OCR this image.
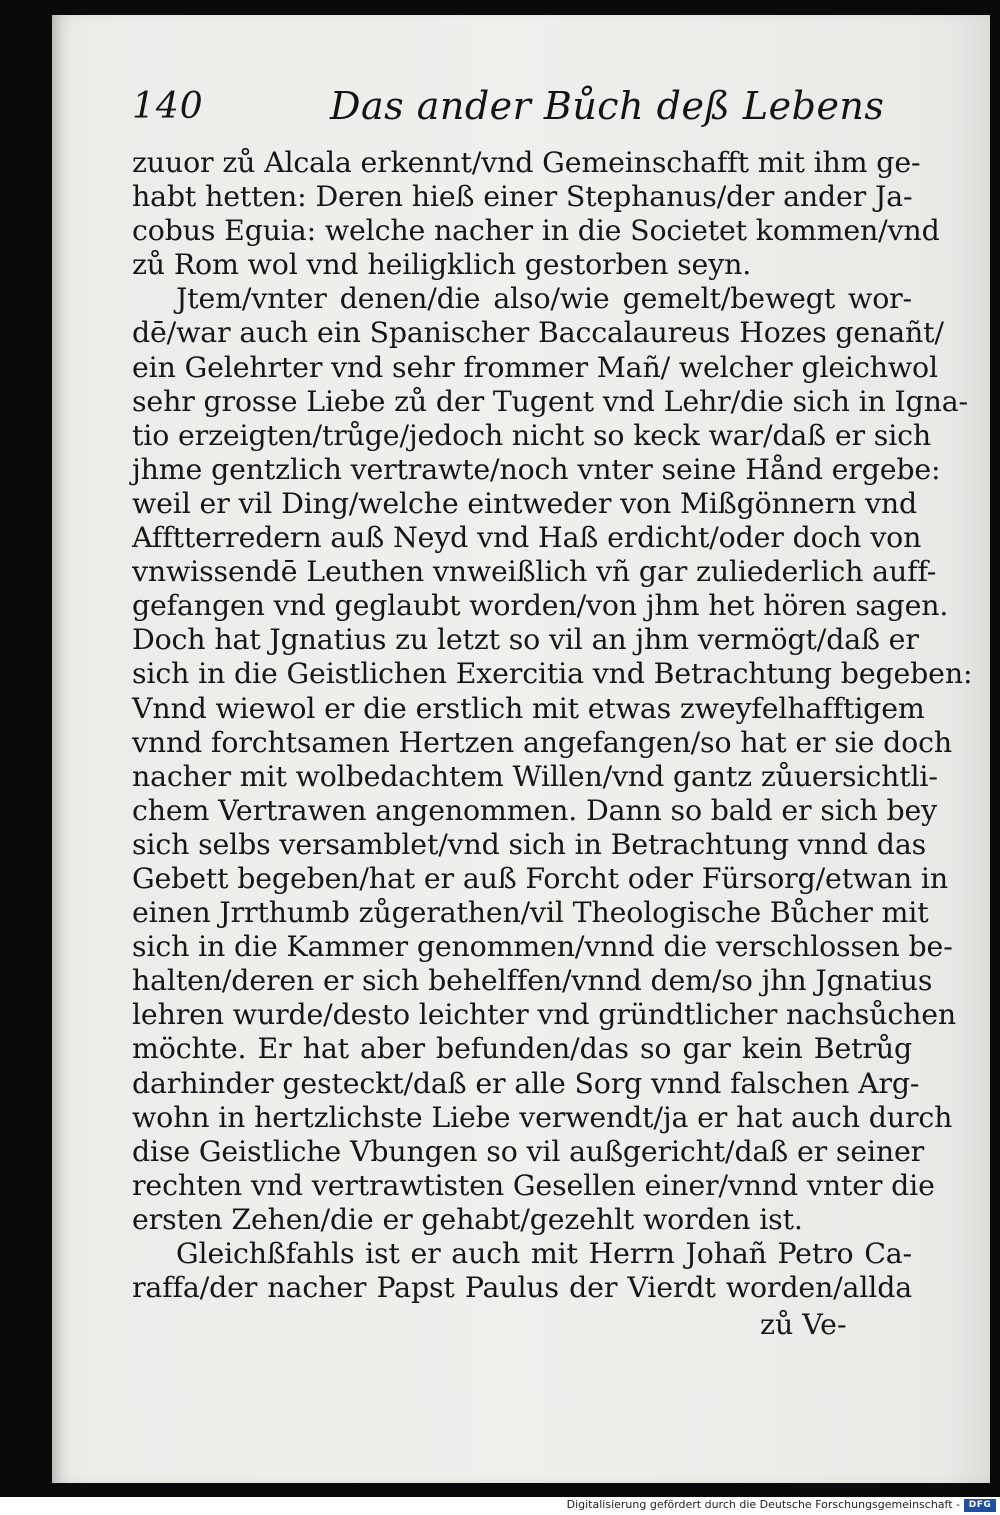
140	Das ander Bůch deß Lebens
zuuor zů Alcala erkennt/vnd Gemeinschafft mit ihm ge-
habt hetten: Deren hieß einer Stephanus/der ander Ja-
cobus Eguia: welche nacher in die Societet kommen/vnd
zů Rom wol vnd heiligklich gestorben seyn.
Jtem/vnter denen/die also/wie gemelt/bewegt wor-
dē/war auch ein Spanischer Baccalaureus Hozes genañt/
ein Gelehrter vnd sehr frommer Mañ/ welcher gleichwol
sehr grosse Liebe zů der Tugent vnd Lehr/die sich in Igna-
tio erzeigten/trůge/jedoch nicht so keck war/daß er sich
jhme gentzlich vertrawte/noch vnter seine Hånd ergebe:
weil er vil Ding/welche eintweder von Mißgönnern vnd
Afftterredern auß Neyd vnd Haß erdicht/oder doch von
vnwissendē Leuthen vnweißlich vñ gar zuliederlich auff-
gefangen vnd geglaubt worden/von jhm het hören sagen.
Doch hat Jgnatius zu letzt so vil an jhm vermögt/daß er
sich in die Geistlichen Exercitia vnd Betrachtung begeben:
Vnnd wiewol er die erstlich mit etwas zweyfelhafftigem
vnnd forchtsamen Hertzen angefangen/so hat er sie doch
nacher mit wolbedachtem Willen/vnd gantz zůuersichtli-
chem Vertrawen angenommen. Dann so bald er sich bey
sich selbs versamblet/vnd sich in Betrachtung vnnd das
Gebett begeben/hat er auß Forcht oder Fürsorg/etwan in
einen Jrrthumb zůgerathen/vil Theologische Bůcher mit
sich in die Kammer genommen/vnnd die verschlossen be-
halten/deren er sich behelffen/vnnd dem/so jhn Jgnatius
lehren wurde/desto leichter vnd gründtlicher nachsůchen
möchte. Er hat aber befunden/das so gar kein Betrůg
darhinder gesteckt/daß er alle Sorg vnnd falschen Arg-
wohn in hertzlichste Liebe verwendt/ja er hat auch durch
dise Geistliche Vbungen so vil außgericht/daß er seiner
rechten vnd vertrawtisten Gesellen einer/vnnd vnter die
ersten Zehen/die er gehabt/gezehlt worden ist.
Gleichßfahls ist er auch mit Herrn Johañ Petro Ca-
raffa/der nacher Papst Paulus der Vierdt worden/allda
zů Ve-
Digitalisierung gefördert durch die Deutsche Forschungsgemeinschaft - DFG
